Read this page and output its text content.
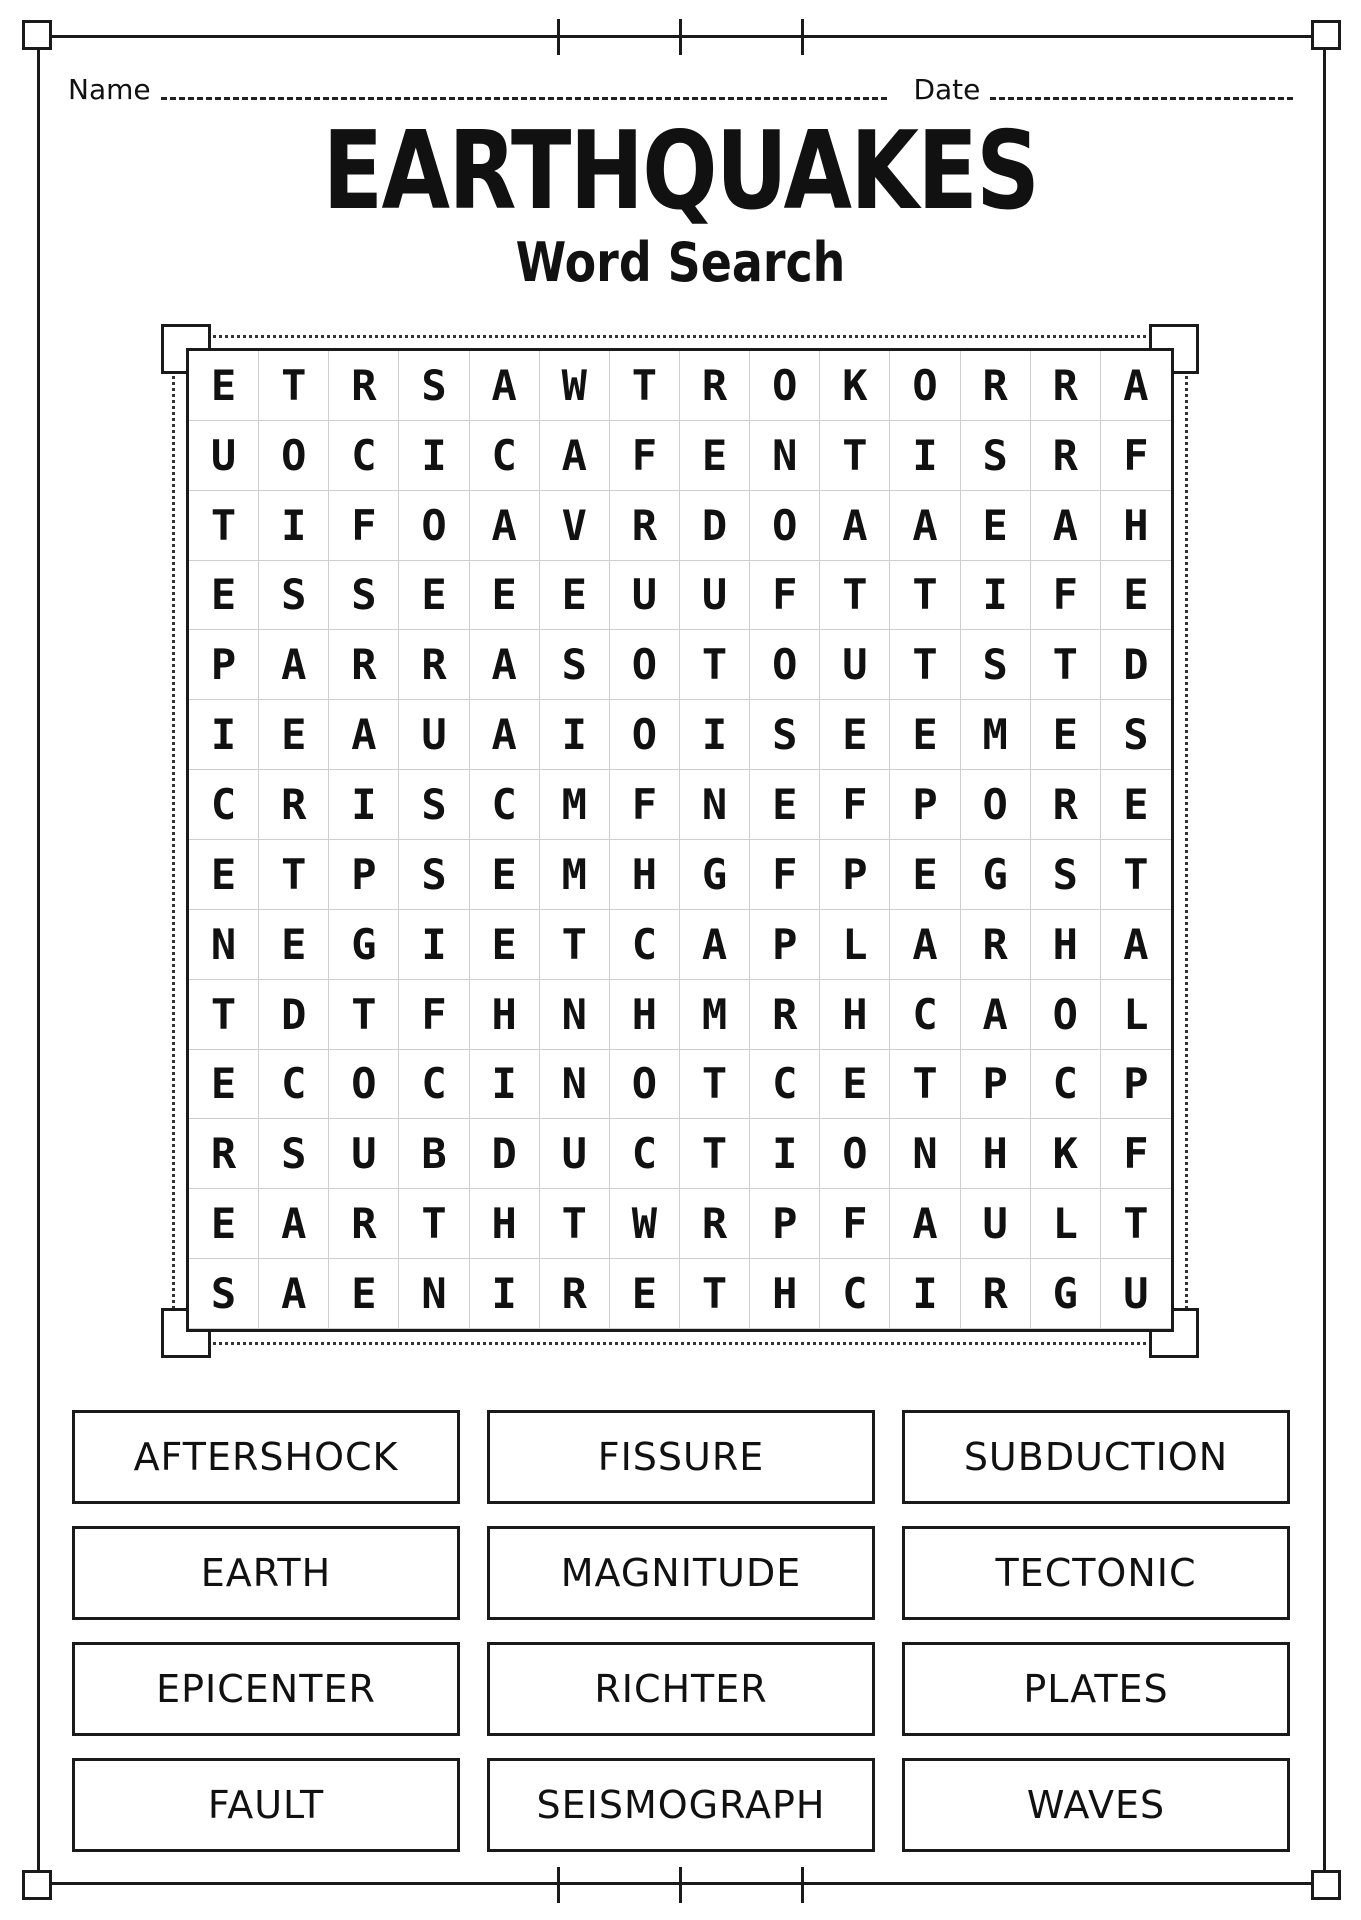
Name	Date
EARTHQUAKES
Word Search
E	T	R	S	A	W	T	R	O	K	O	R	R	A
U	O	C	I	C	A	F	E	N	T	I	S	R	F
T	I	F	O	A	V	R	D	O	A	A	E	A	H
E	S	S	E	E	E	U	U	F	T	T	I	F	E
P	A	R	R	A	S	O	T	O	U	T	S	T	D
I	E	A	U	A	I	O	I	S	E	E	M	E	S
C	R	I	S	C	M	F	N	E	F	P	O	R	E
E	T	P	S	E	M	H	G	F	P	E	G	S	T
N	E	G	I	E	T	C	A	P	L	A	R	H	A
T	D	T	F	H	N	H	M	R	H	C	A	O	L
E	C	O	C	I	N	O	T	C	E	T	P	C	P
R	S	U	B	D	U	C	T	I	O	N	H	K	F
E	A	R	T	H	T	W	R	P	F	A	U	L	T
S	A	E	N	I	R	E	T	H	C	I	R	G	U
AFTERSHOCK	FISSURE	SUBDUCTION
EARTH	MAGNITUDE	TECTONIC
EPICENTER	RICHTER	PLATES
FAULT	SEISMOGRAPH	WAVES
